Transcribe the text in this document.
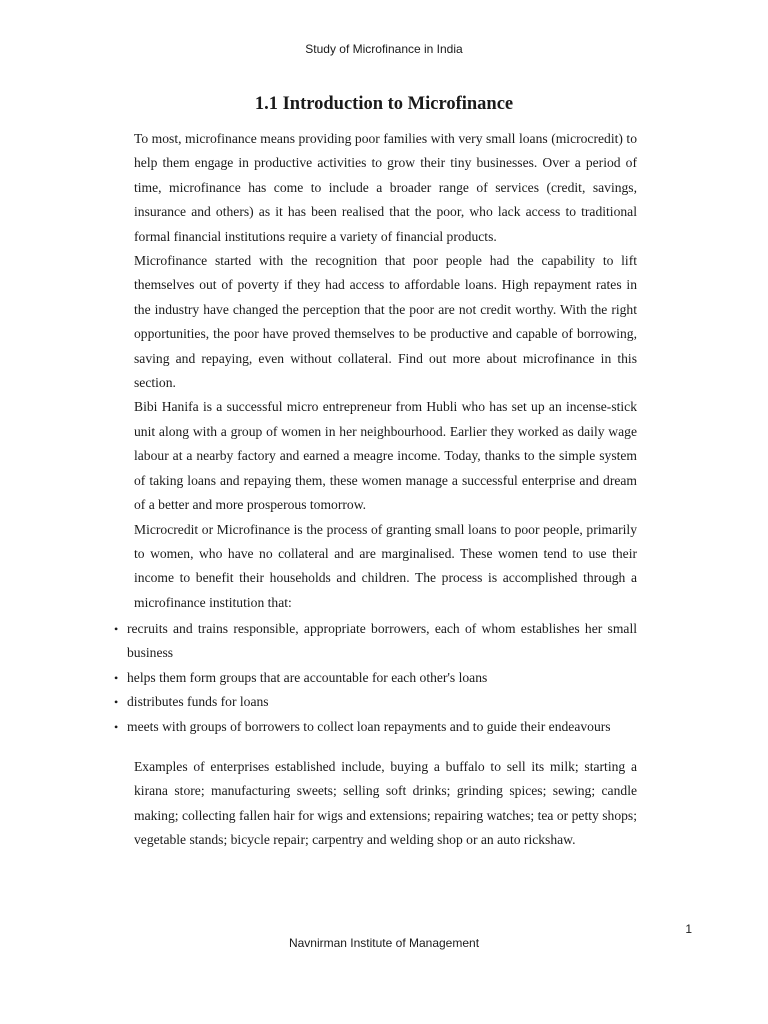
Study of Microfinance in India
1.1 Introduction to Microfinance

To most, microfinance means providing poor families with very small loans (microcredit) to help them engage in productive activities to grow their tiny businesses. Over a period of time, microfinance has come to include a broader range of services (credit, savings, insurance and others) as it has been realised that the poor, who lack access to traditional formal financial institutions require a variety of financial products.

Microfinance started with the recognition that poor people had the capability to lift themselves out of poverty if they had access to affordable loans. High repayment rates in the industry have changed the perception that the poor are not credit worthy. With the right opportunities, the poor have proved themselves to be productive and capable of borrowing, saving and repaying, even without collateral. Find out more about microfinance in this section.

Bibi Hanifa is a successful micro entrepreneur from Hubli who has set up an incense-stick unit along with a group of women in her neighbourhood. Earlier they worked as daily wage labour at a nearby factory and earned a meagre income. Today, thanks to the simple system of taking loans and repaying them, these women manage a successful enterprise and dream of a better and more prosperous tomorrow.

Microcredit or Microfinance is the process of granting small loans to poor people, primarily to women, who have no collateral and are marginalised. These women tend to use their income to benefit their households and children. The process is accomplished through a microfinance institution that:

• recruits and trains responsible, appropriate borrowers, each of whom establishes her small business
• helps them form groups that are accountable for each other's loans
• distributes funds for loans
• meets with groups of borrowers to collect loan repayments and to guide their endeavours

Examples of enterprises established include, buying a buffalo to sell its milk; starting a kirana store; manufacturing sweets; selling soft drinks; grinding spices; sewing; candle making; collecting fallen hair for wigs and extensions; repairing watches; tea or petty shops; vegetable stands; bicycle repair; carpentry and welding shop or an auto rickshaw.

1
Navnirman Institute of Management
